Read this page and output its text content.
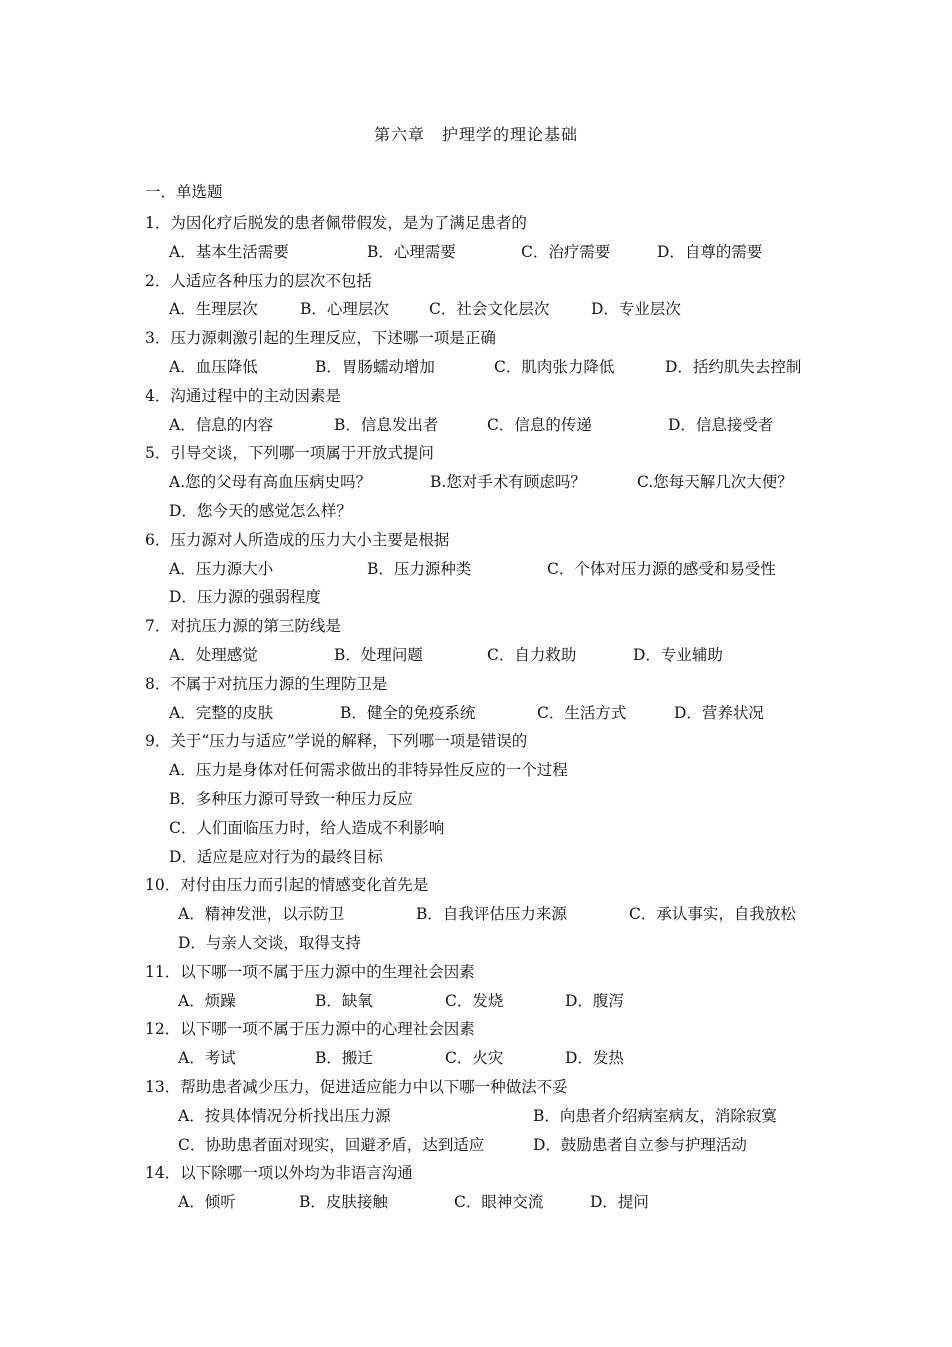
第六章　护理学的理论基础
一．单选题
1．为因化疗后脱发的患者佩带假发，是为了满足患者的
A．基本生活需要	B．心理需要	C．治疗需要	D．自尊的需要
2．人适应各种压力的层次不包括
A．生理层次	B．心理层次	C．社会文化层次	D．专业层次
3．压力源刺激引起的生理反应，下述哪一项是正确
A．血压降低	B．胃肠蠕动增加	C．肌肉张力降低	D．括约肌失去控制
4．沟通过程中的主动因素是
A．信息的内容	B．信息发出者	C．信息的传递	D．信息接受者
5．引导交谈，下列哪一项属于开放式提问
A.您的父母有高血压病史吗？	B.您对手术有顾虑吗？	C.您每天解几次大便？
D．您今天的感觉怎么样？
6．压力源对人所造成的压力大小主要是根据
A．压力源大小	B．压力源种类	C．个体对压力源的感受和易受性
D．压力源的强弱程度
7．对抗压力源的第三防线是
A．处理感觉	B．处理问题	C．自力救助	D．专业辅助
8．不属于对抗压力源的生理防卫是
A．完整的皮肤	B．健全的免疫系统	C．生活方式	D．营养状况
9．关于“压力与适应”学说的解释，下列哪一项是错误的
A．压力是身体对任何需求做出的非特异性反应的一个过程
B．多种压力源可导致一种压力反应
C．人们面临压力时，给人造成不利影响
D．适应是应对行为的最终目标
10．对付由压力而引起的情感变化首先是
A．精神发泄，以示防卫	B．自我评估压力来源	C．承认事实，自我放松
D．与亲人交谈，取得支持
11．以下哪一项不属于压力源中的生理社会因素
A．烦躁	B．缺氧	C．发烧	D．腹泻
12．以下哪一项不属于压力源中的心理社会因素
A．考试	B．搬迁	C．火灾	D．发热
13．帮助患者减少压力，促进适应能力中以下哪一种做法不妥
A．按具体情况分析找出压力源	B．向患者介绍病室病友，消除寂寞
C．协助患者面对现实，回避矛盾，达到适应	D．鼓励患者自立参与护理活动
14．以下除哪一项以外均为非语言沟通
A．倾听	B．皮肤接触	C．眼神交流	D．提问
